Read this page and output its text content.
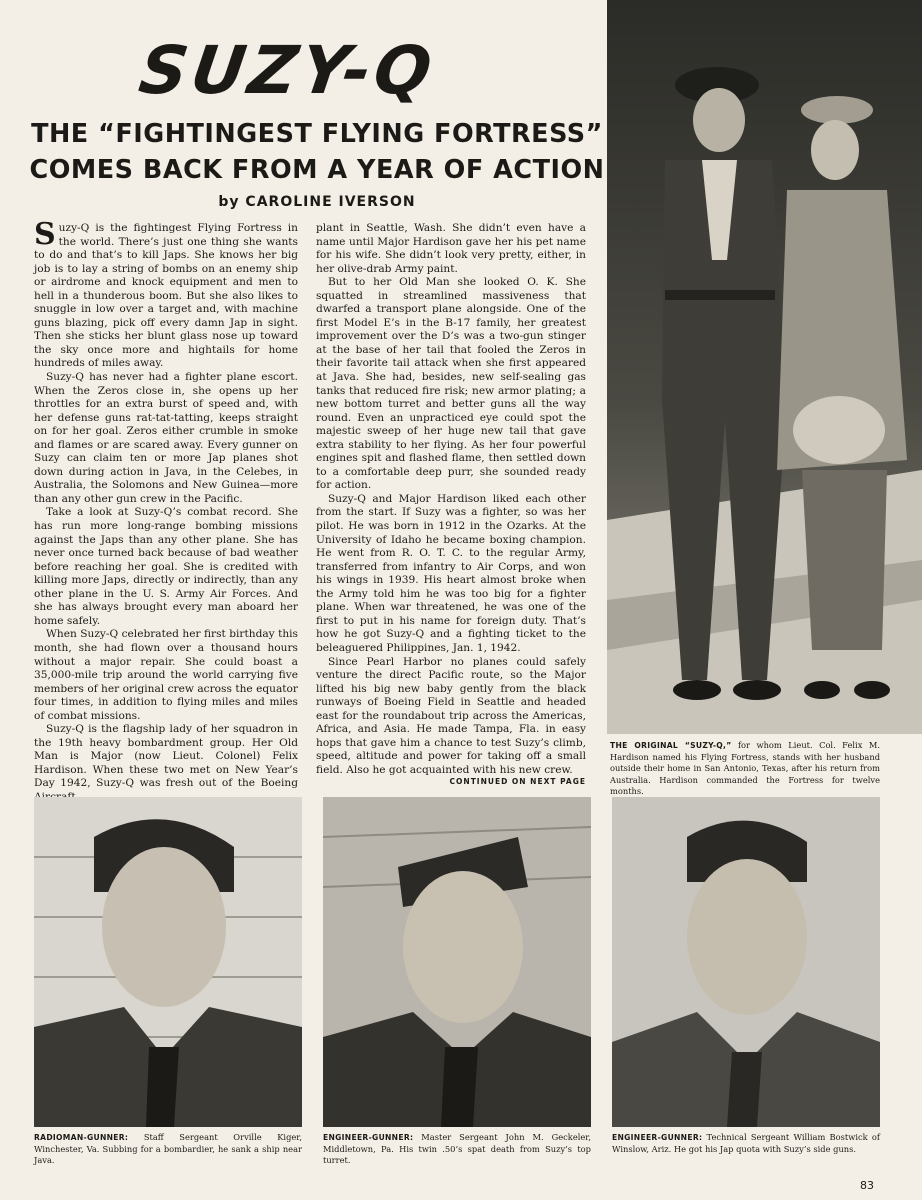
SUZY-Q
THE “FIGHTINGEST FLYING FORTRESS”
COMES BACK FROM A YEAR OF ACTION
by CAROLINE IVERSON

Suzy-Q is the fightingest Flying Fortress in the world. There’s just one thing she wants to do and that’s to kill Japs. She knows her big job is to lay a string of bombs on an enemy ship or airdrome and knock equipment and men to hell in a thunderous boom. But she also likes to snuggle in low over a target and, with machine guns blazing, pick off every damn Jap in sight. Then she sticks her blunt glass nose up toward the sky once more and hightails for home hundreds of miles away.

Suzy-Q has never had a fighter plane escort. When the Zeros close in, she opens up her throttles for an extra burst of speed and, with her defense guns rat-tat-tatting, keeps straight on for her goal. Zeros either crumble in smoke and flames or are scared away. Every gunner on Suzy can claim ten or more Jap planes shot down during action in Java, in the Celebes, in Australia, the Solomons and New Guinea—more than any other gun crew in the Pacific.

Take a look at Suzy-Q’s combat record. She has run more long-range bombing missions against the Japs than any other plane. She has never once turned back because of bad weather before reaching her goal. She is credited with killing more Japs, directly or indirectly, than any other plane in the U. S. Army Air Forces. And she has always brought every man aboard her home safely.

When Suzy-Q celebrated her first birthday this month, she had flown over a thousand hours without a major repair. She could boast a 35,000-mile trip around the world carrying five members of her original crew across the equator four times, in addition to flying miles and miles of combat missions.

Suzy-Q is the flagship lady of her squadron in the 19th heavy bombardment group. Her Old Man is Major (now Lieut. Colonel) Felix Hardison. When these two met on New Year’s Day 1942, Suzy-Q was fresh out of the Boeing

plant in Seattle, Wash. She didn’t even have a name until Major Hardison gave her his pet name for his wife. She didn’t look very pretty, either, in her olive-drab Army paint.

But to her Old Man she looked O. K. She squatted in streamlined massiveness that dwarfed a transport plane alongside. One of the first Model E’s in the B-17 family, her greatest improvement over the D’s was a two-gun stinger at the base of her tail that fooled the Zeros in their favorite tail attack when she first appeared at Java. She had, besides, new self-sealing gas tanks that reduced fire risk; new armor plating; a new bottom turret and better guns all the way round. Even an unpracticed eye could spot the majestic sweep of her huge new tail that gave extra stability to her flying. As her four powerful engines spit and flashed flame, then settled down to a comfortable deep purr, she sounded ready for action.

Suzy-Q and Major Hardison liked each other from the start. If Suzy was a fighter, so was her pilot. He was born in 1912 in the Ozarks. At the University of Idaho he became boxing champion. He went from R. O. T. C. to the regular Army, transferred from infantry to Air Corps, and won his wings in 1939. His heart almost broke when the Army told him he was too big for a fighter plane. When war threatened, he was one of the first to put in his name for foreign duty. That’s how he got Suzy-Q and a fighting ticket to the beleaguered Philippines, Jan. 1, 1942.

Since Pearl Harbor no planes could safely venture the direct Pacific route, so the Major lifted his big new baby gently from the black runways of Boeing Field in Seattle and headed east for the roundabout trip across the Americas, Africa, and Asia. He made Tampa, Fla. in easy hops that gave him a chance to test Suzy’s climb, speed, altitude and power for taking off a small field. Also he got acquainted with his new crew.

CONTINUED ON NEXT PAGE
THE ORIGINAL “SUZY-Q,” for whom Lieut. Col. Felix M. Hardison named his Flying Fortress, stands with her husband outside their home in San Antonio, Texas, after his return from Australia. Hardison commanded the Fortress for twelve months.
RADIOMAN-GUNNER: Staff Sergeant Orville Kiger, Winchester, Va. Subbing for a bombardier, he sank a ship near Java.
ENGINEER-GUNNER: Master Sergeant John M. Geckeler, Middletown, Pa. His twin .50’s spat death from Suzy’s top turret.
ENGINEER-GUNNER: Technical Sergeant William Bostwick of Winslow, Ariz. He got his Jap quota with Suzy’s side guns.
83
